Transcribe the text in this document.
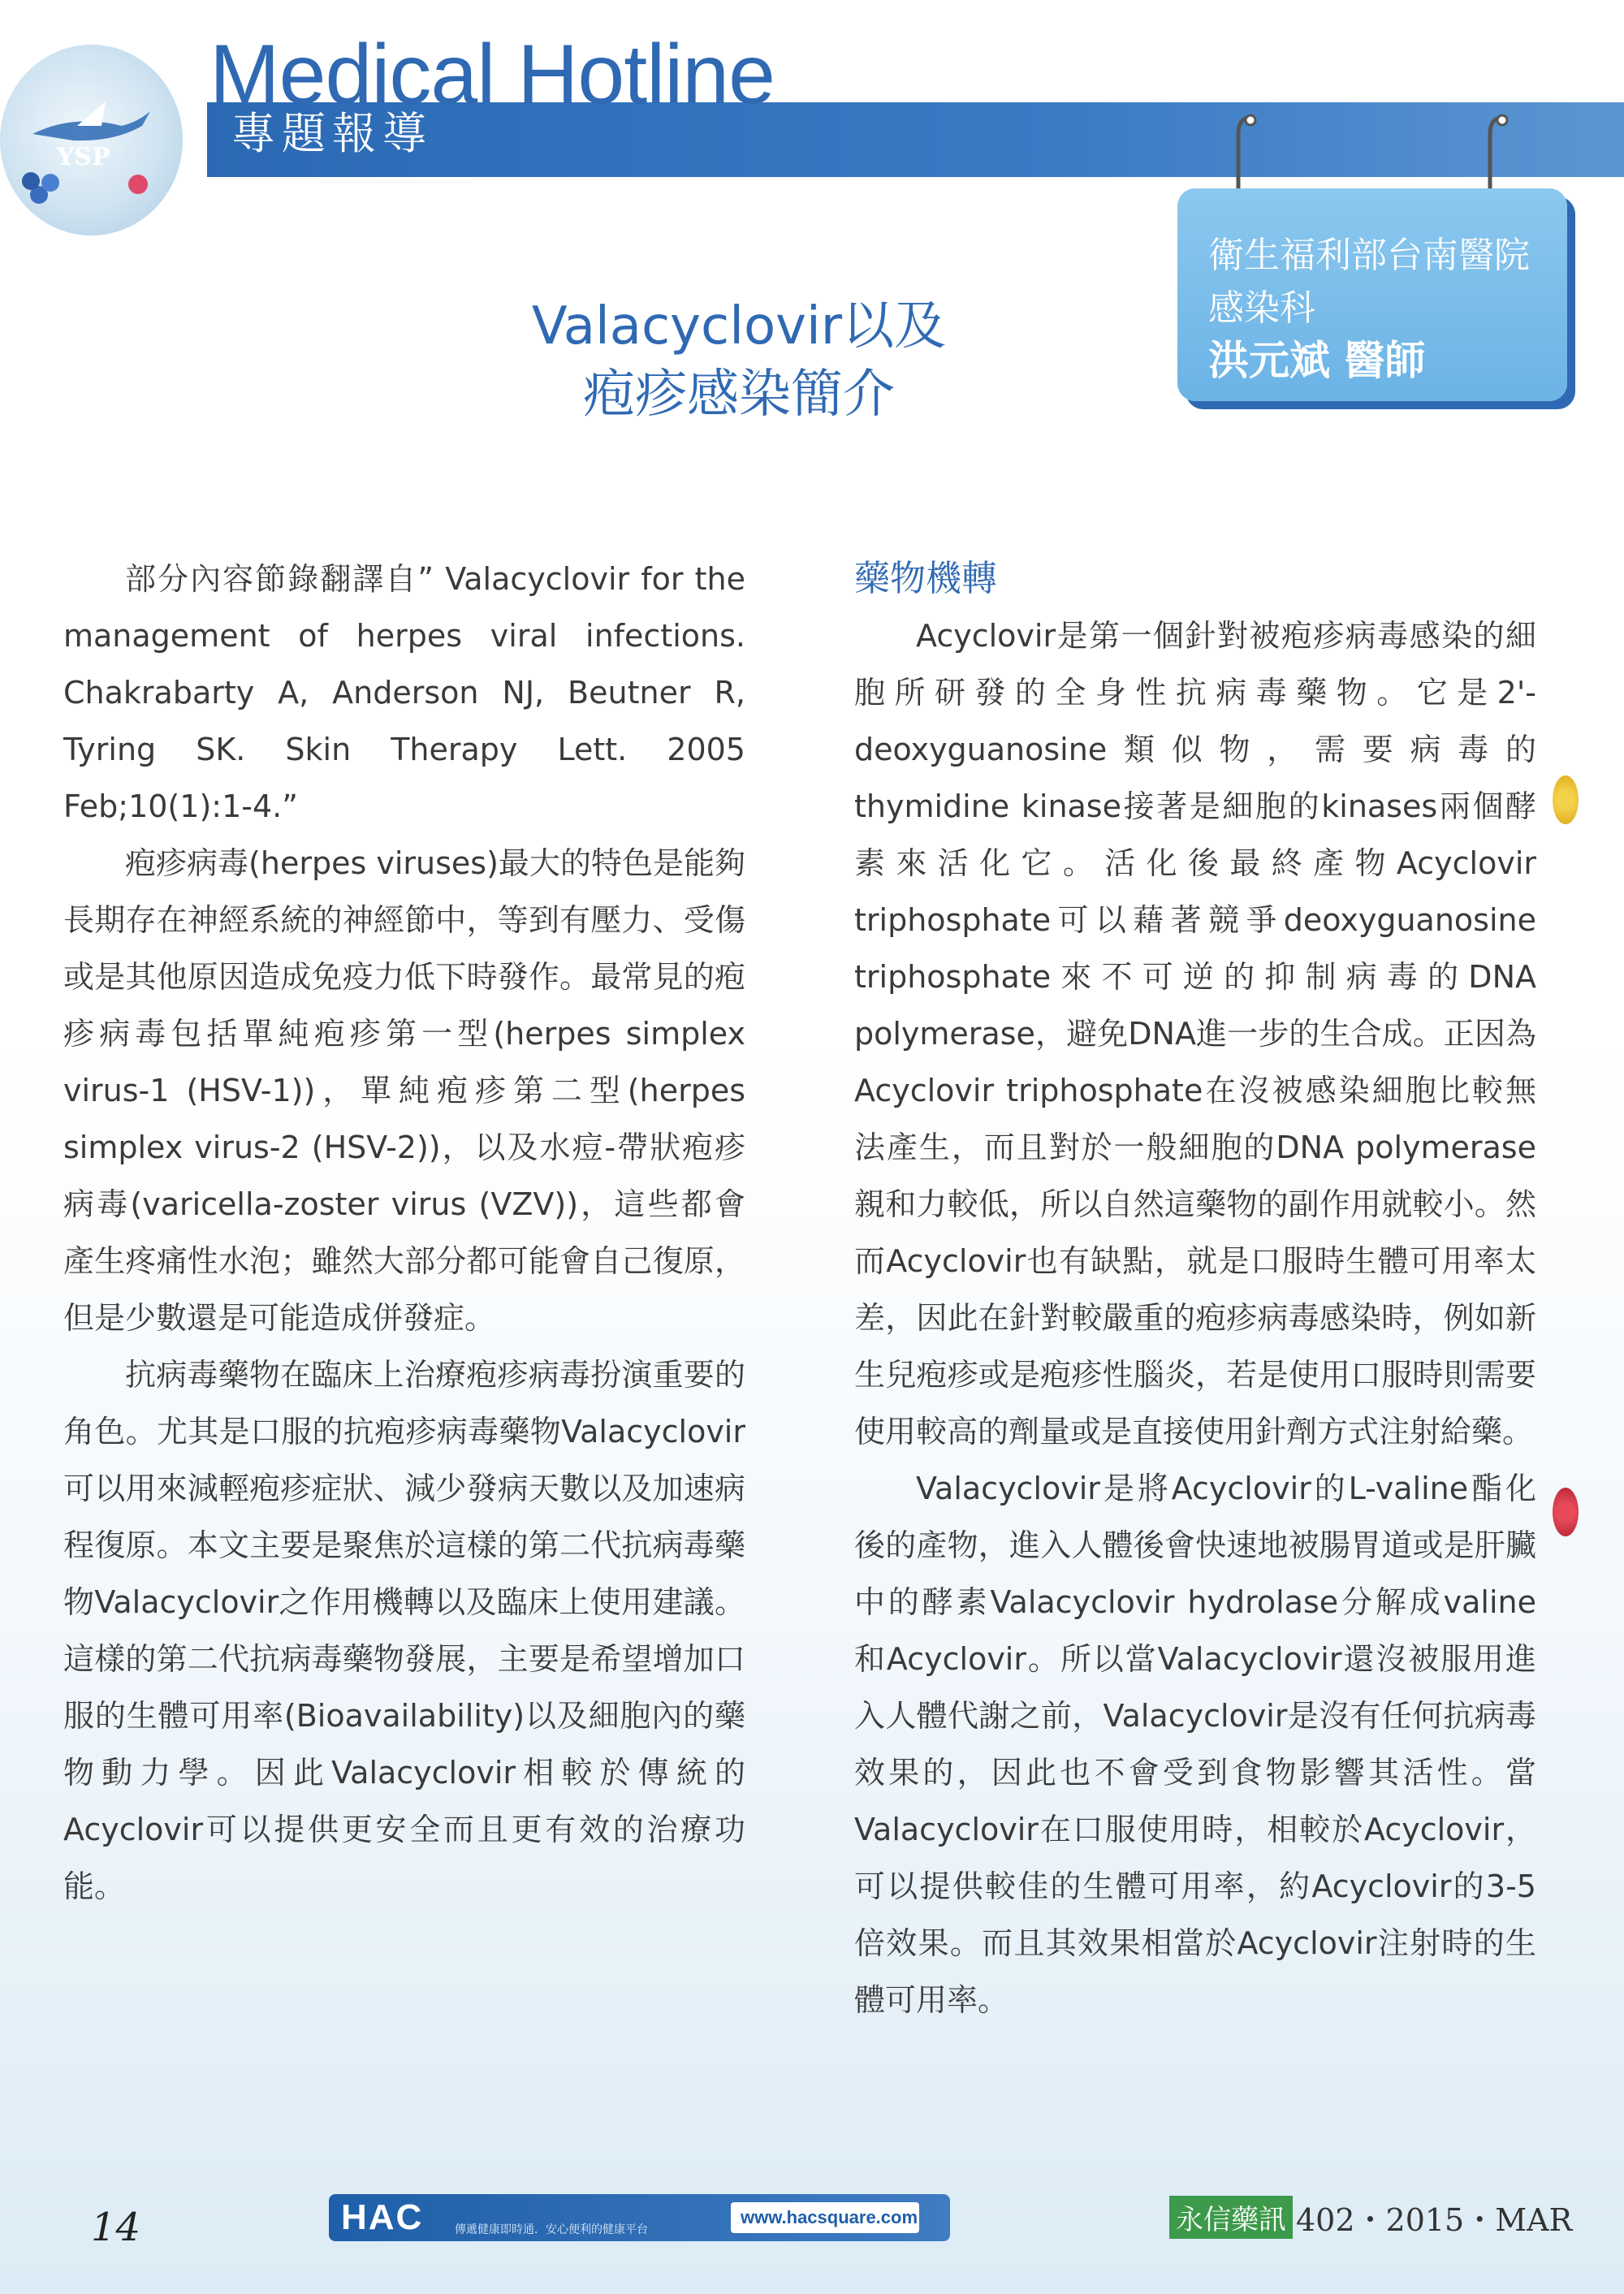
YSP
Medical Hotline
專題報導
衛生福利部台南醫院
感染科
洪元斌 醫師
Valacyclovir以及
疱疹感染簡介

部分內容節錄翻譯自” Valacyclovir for the management of herpes viral infections. Chakrabarty A, Anderson NJ, Beutner R, Tyring SK. Skin Therapy Lett. 2005 Feb;10(1):1-4.”

疱疹病毒(herpes viruses)最大的特色是能夠長期存在神經系統的神經節中，等到有壓力、受傷或是其他原因造成免疫力低下時發作。最常見的疱疹病毒包括單純疱疹第一型(herpes simplex virus-1 (HSV-1))，單純疱疹第二型(herpes simplex virus-2 (HSV-2))，以及水痘-帶狀疱疹病毒(varicella-zoster virus (VZV))，這些都會產生疼痛性水泡；雖然大部分都可能會自己復原，但是少數還是可能造成併發症。

抗病毒藥物在臨床上治療疱疹病毒扮演重要的角色。尤其是口服的抗疱疹病毒藥物Valacyclovir 可以用來減輕疱疹症狀、減少發病天數以及加速病程復原。本文主要是聚焦於這樣的第二代抗病毒藥物Valacyclovir之作用機轉以及臨床上使用建議。這樣的第二代抗病毒藥物發展，主要是希望增加口服的生體可用率(Bioavailability)以及細胞內的藥物動力學。因此Valacyclovir相較於傳統的Acyclovir可以提供更安全而且更有效的治療功能。

藥物機轉

Acyclovir是第一個針對被疱疹病毒感染的細胞所研發的全身性抗病毒藥物。它是2'-deoxyguanosine類似物，需要病毒的thymidine kinase接著是細胞的kinases兩個酵素來活化它。活化後最終產物Acyclovir triphosphate可以藉著競爭deoxyguanosine triphosphate來不可逆的抑制病毒的DNA polymerase，避免DNA進一步的生合成。正因為Acyclovir triphosphate在沒被感染細胞比較無法產生，而且對於一般細胞的DNA polymerase親和力較低，所以自然這藥物的副作用就較小。然而Acyclovir也有缺點，就是口服時生體可用率太差，因此在針對較嚴重的疱疹病毒感染時，例如新生兒疱疹或是疱疹性腦炎，若是使用口服時則需要使用較高的劑量或是直接使用針劑方式注射給藥。

Valacyclovir是將Acyclovir的L-valine酯化後的產物，進入人體後會快速地被腸胃道或是肝臟中的酵素Valacyclovir hydrolase分解成valine和Acyclovir。所以當Valacyclovir還沒被服用進入人體代謝之前，Valacyclovir是沒有任何抗病毒效果的，因此也不會受到食物影響其活性。當Valacyclovir在口服使用時，相較於Acyclovir，可以提供較佳的生體可用率，約Acyclovir的3-5倍效果。而且其效果相當於Acyclovir注射時的生體可用率。

14	HAC	傳遞健康即時通．安心便利的健康平台
www.hacsquare.com	永信藥訊 402・2015・MAR
